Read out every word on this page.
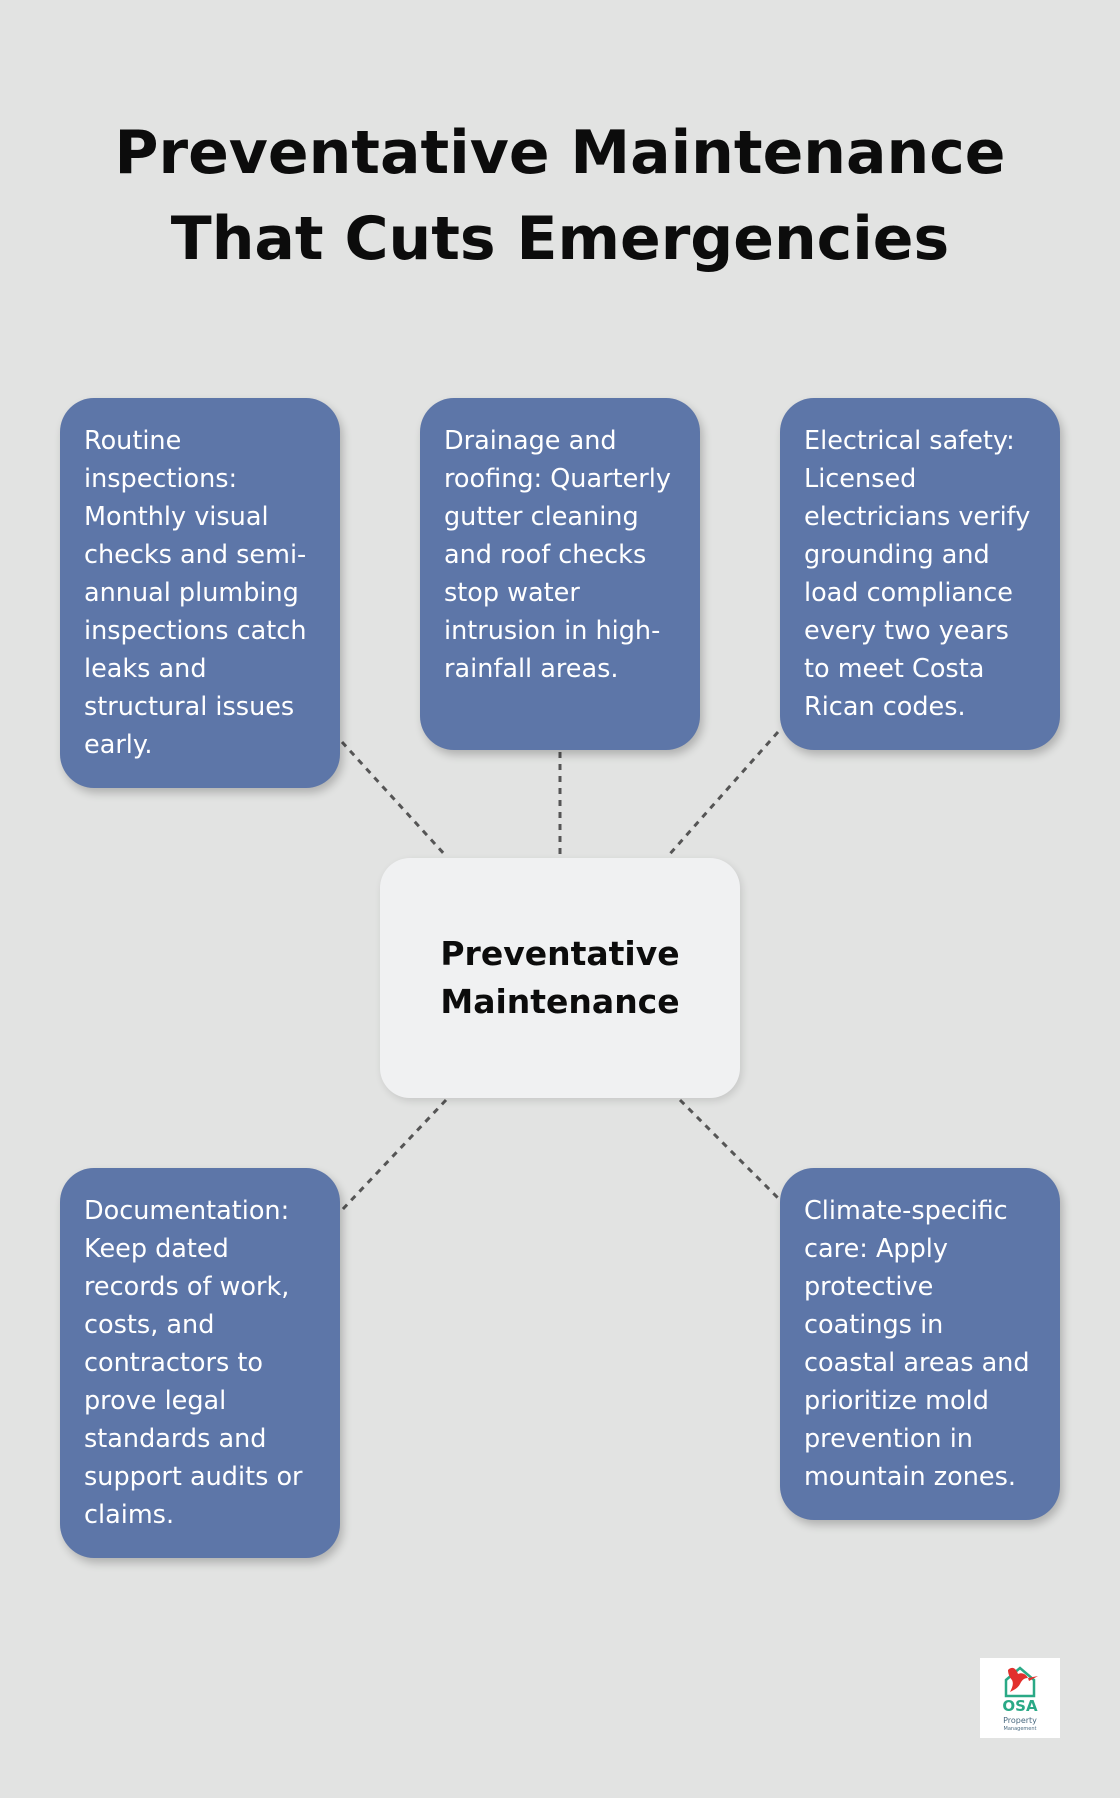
Preventative Maintenance
That Cuts Emergencies
Routine inspections: Monthly visual checks and semi-annual plumbing inspections catch leaks and structural issues early.
Drainage and roofing: Quarterly gutter cleaning and roof checks stop water intrusion in high-rainfall areas.
Electrical safety: Licensed electricians verify grounding and load compliance every two years to meet Costa Rican codes.
Documentation: Keep dated records of work, costs, and contractors to prove legal standards and support audits or claims.
Climate-specific care: Apply protective coatings in coastal areas and prioritize mold prevention in mountain zones.
Preventative
Maintenance
OSA
Property
Management
